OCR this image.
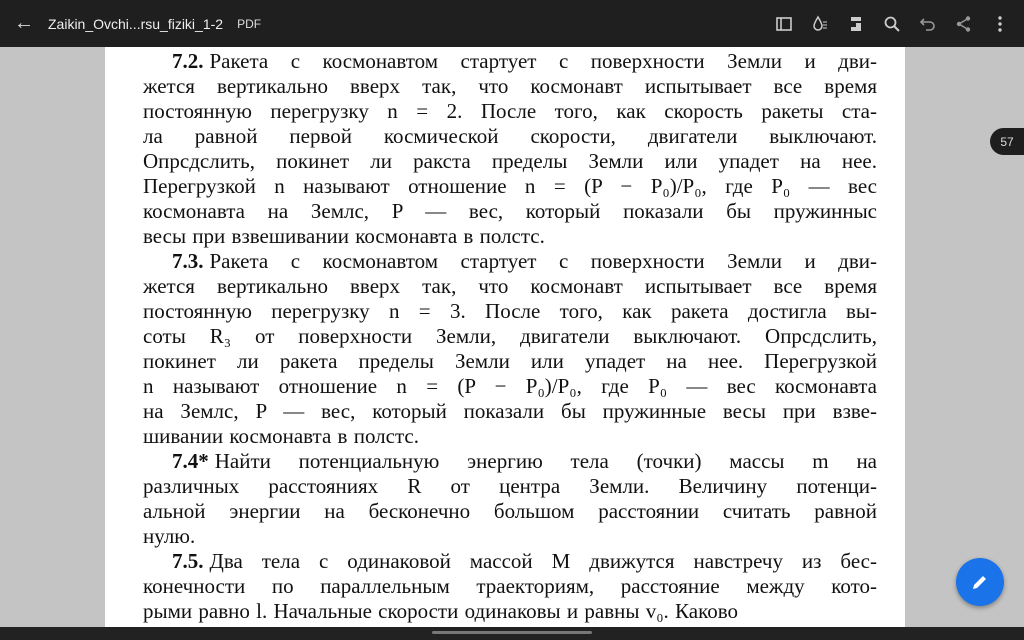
← Zaikin_Ovchi...rsu_fiziki_1-2 PDF
7.2. Ракета с космонавтом стартует с поверхности Земли и дви-
жется вертикально вверх так, что космонавт испытывает все время
постоянную перегрузку n = 2. После того, как скорость ракеты ста-
ла равной первой космической скорости, двигатели выключают.
Опрсдслить, покинет ли ракста пределы Земли или упадет на нее.
Перегрузкой n называют отношение n = (P − P₀)/P₀, где P₀ — вес
космонавта на Землс, P — вес, который показали бы пружинныс
весы при взвешивании космонавта в полстс.
7.3. Ракета с космонавтом стартует с поверхности Земли и дви-
жется вертикально вверх так, что космонавт испытывает все время
постоянную перегрузку n = 3. После того, как ракета достигла вы-
соты R₃ от поверхности Земли, двигатели выключают. Опрсдслить,
покинет ли ракета пределы Земли или упадет на нее. Перегрузкой
n называют отношение n = (P − P₀)/P₀, где P₀ — вес космонавта
на Землс, P — вес, который показали бы пружинные весы при взве-
шивании космонавта в полстс.
7.4* Найти потенциальную энергию тела (точки) массы m на
различных расстояниях R от центра Земли. Величину потенци-
альной энергии на бесконечно большом расстоянии считать равной
нулю.
7.5. Два тела с одинаковой массой M движутся навстречу из бес-
конечности по параллельным траекториям, расстояние между кото-
рыми равно l. Начальные скорости одинаковы и равны v₀. Каково
57
